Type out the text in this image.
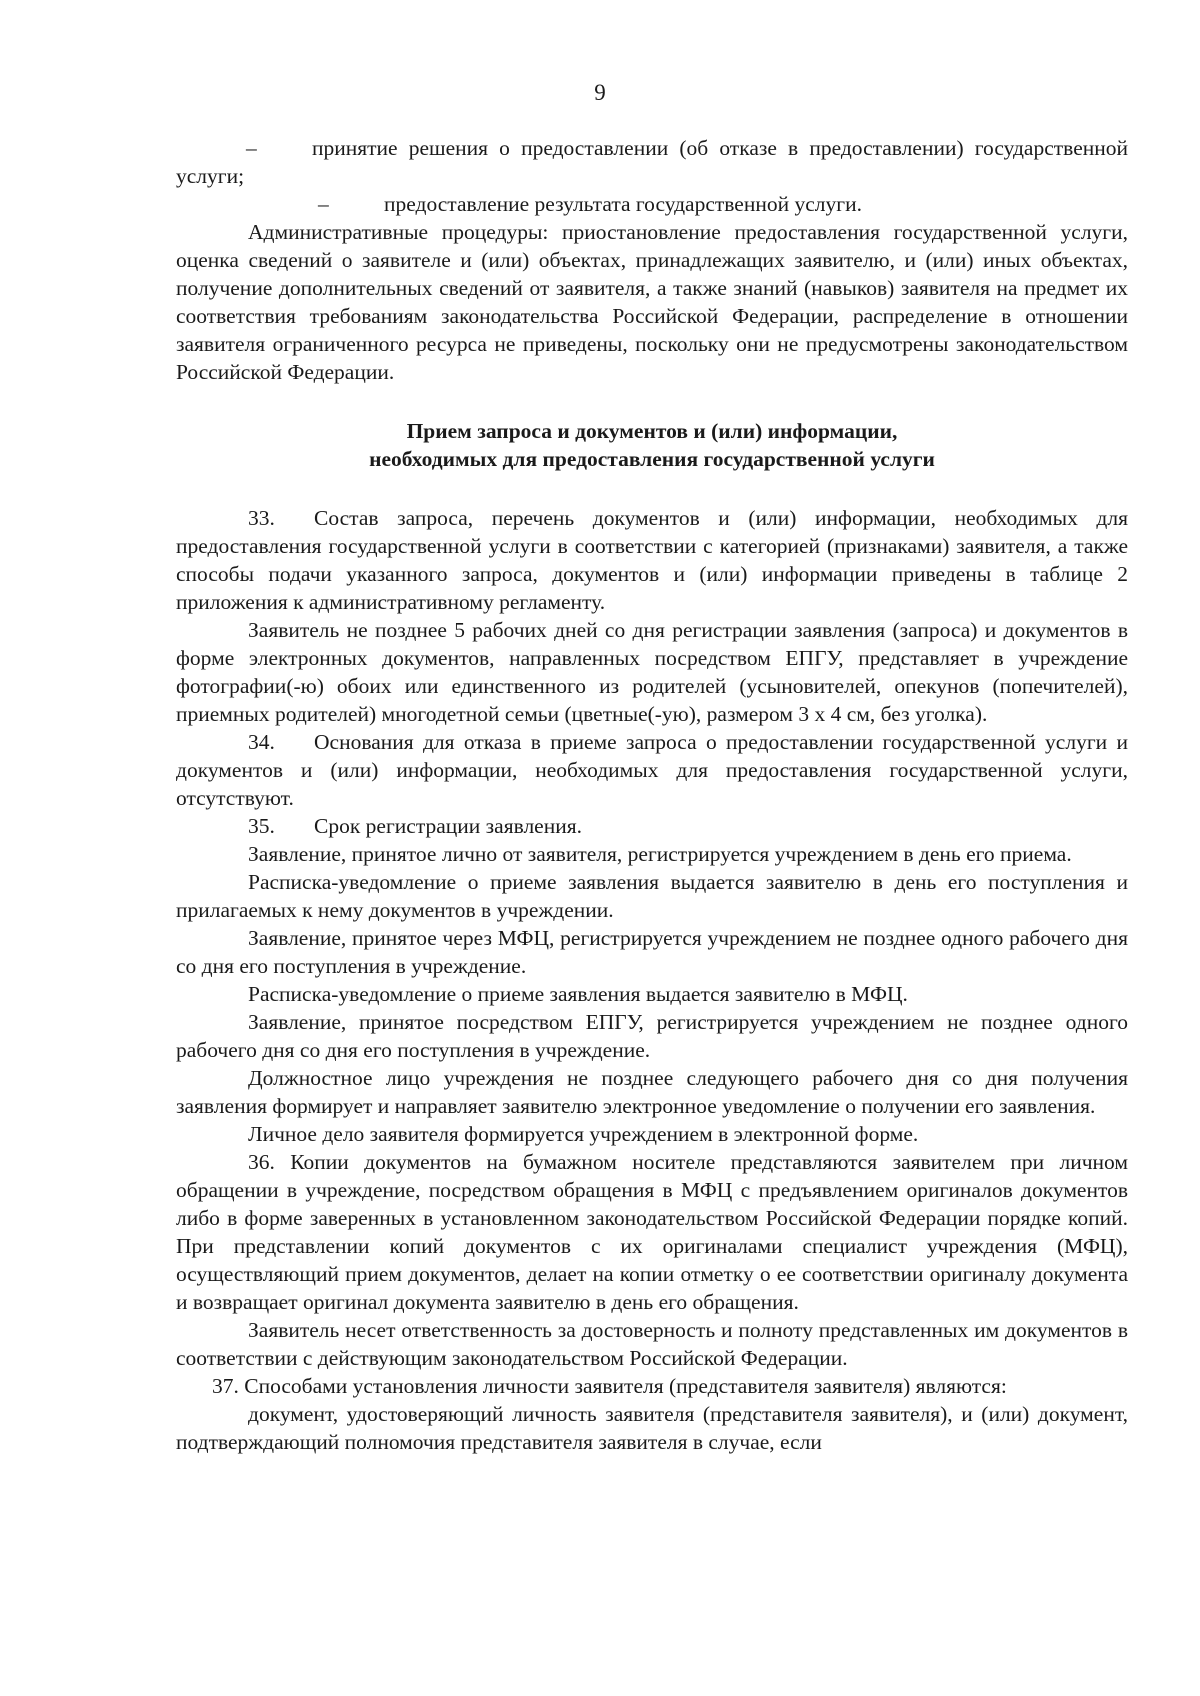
9

–	принятие решения о предоставлении (об отказе в предоставлении) государственной услуги;

–	предоставление результата государственной услуги.

Административные процедуры: приостановление предоставления государственной услуги, оценка сведений о заявителе и (или) объектах, принадлежащих заявителю, и (или) иных объектах, получение дополнительных сведений от заявителя, а также знаний (навыков) заявителя на предмет их соответствия требованиям законодательства Российской Федерации, распределение в отношении заявителя ограниченного ресурса не приведены, поскольку они не предусмотрены законодательством Российской Федерации.

Прием запроса и документов и (или) информации,
необходимых для предоставления государственной услуги

33. Состав запроса, перечень документов и (или) информации, необходимых для предоставления государственной услуги в соответствии с категорией (признаками) заявителя, а также способы подачи указанного запроса, документов и (или) информации приведены в таблице 2 приложения к административному регламенту.

Заявитель не позднее 5 рабочих дней со дня регистрации заявления (запроса) и документов в форме электронных документов, направленных посредством ЕПГУ, представляет в учреждение фотографии(-ю) обоих или единственного из родителей (усыновителей, опекунов (попечителей), приемных родителей) многодетной семьи (цветные(-ую), размером 3 х 4 см, без уголка).

34. Основания для отказа в приеме запроса о предоставлении государственной услуги и документов и (или) информации, необходимых для предоставления государственной услуги, отсутствуют.

35. Срок регистрации заявления.

Заявление, принятое лично от заявителя, регистрируется учреждением в день его приема.

Расписка-уведомление о приеме заявления выдается заявителю в день его поступления и прилагаемых к нему документов в учреждении.

Заявление, принятое через МФЦ, регистрируется учреждением не позднее одного рабочего дня со дня его поступления в учреждение.

Расписка-уведомление о приеме заявления выдается заявителю в МФЦ.

Заявление, принятое посредством ЕПГУ, регистрируется учреждением не позднее одного рабочего дня со дня его поступления в учреждение.

Должностное лицо учреждения не позднее следующего рабочего дня со дня получения заявления формирует и направляет заявителю электронное уведомление о получении его заявления.

Личное дело заявителя формируется учреждением в электронной форме.

36. Копии документов на бумажном носителе представляются заявителем при личном обращении в учреждение, посредством обращения в МФЦ с предъявлением оригиналов документов либо в форме заверенных в установленном законодательством Российской Федерации порядке копий. При представлении копий документов с их оригиналами специалист учреждения (МФЦ), осуществляющий прием документов, делает на копии отметку о ее соответствии оригиналу документа и возвращает оригинал документа заявителю в день его обращения.

Заявитель несет ответственность за достоверность и полноту представленных им документов в соответствии с действующим законодательством Российской Федерации.

37. Способами установления личности заявителя (представителя заявителя) являются:

документ, удостоверяющий личность заявителя (представителя заявителя), и (или) документ, подтверждающий полномочия представителя заявителя в случае, если
